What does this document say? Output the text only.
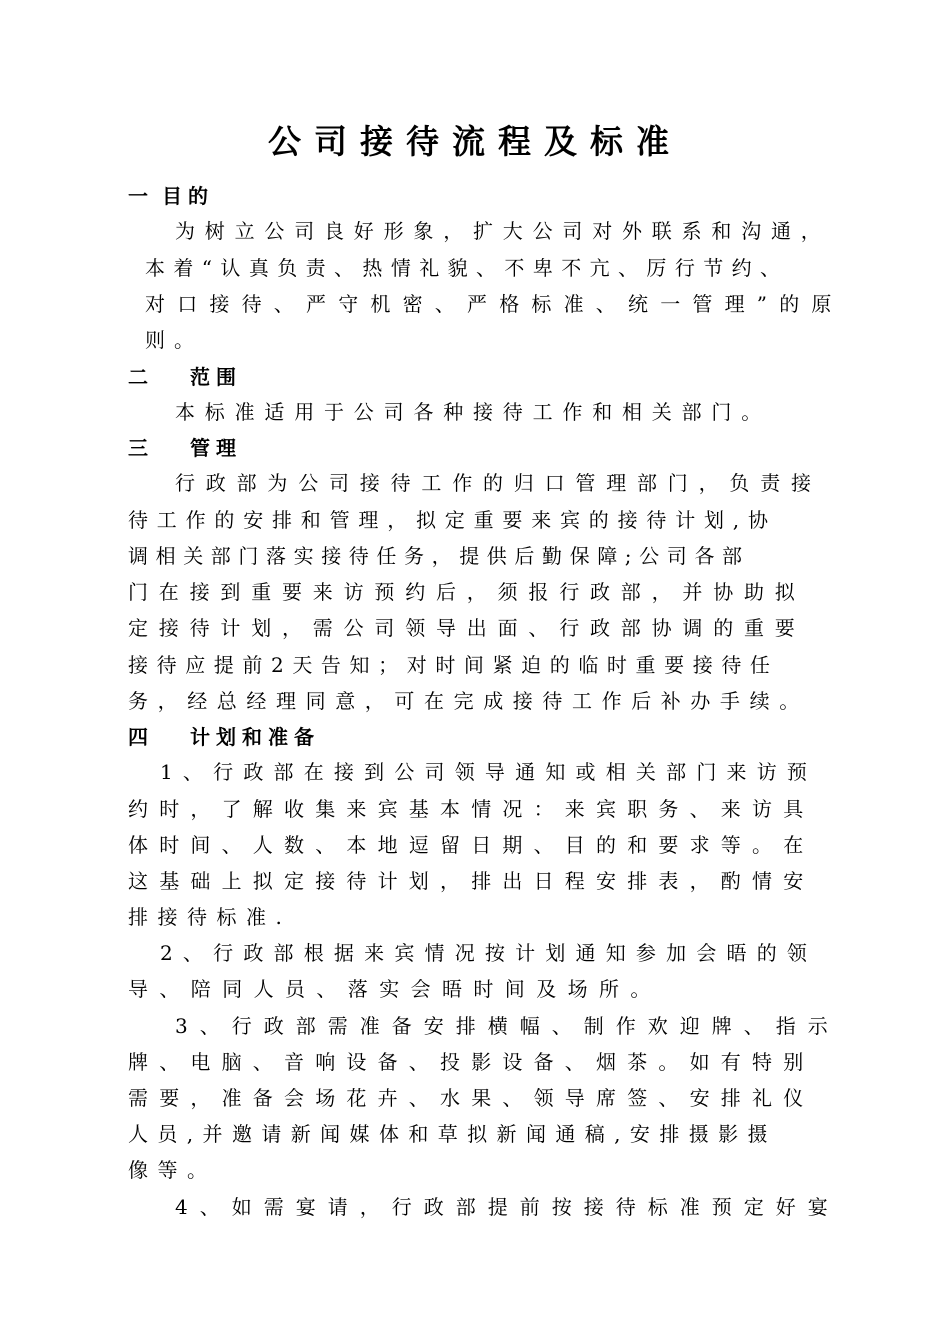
公司接待流程及标准
一 目的
为树立公司良好形象，扩大公司对外联系和沟通，
本着“认真负责、热情礼貌、不卑不亢、厉行节约、
对口接待、严守机密、严格标准、统一管理”的原
则。
二 范围
本标准适用于公司各种接待工作和相关部门。
三 管理
行政部为公司接待工作的归口管理部门，负责接
待工作的安排和管理，拟定重要来宾的接待计划,协
调相关部门落实接待任务，提供后勤保障;公司各部
门在接到重要来访预约后，须报行政部，并协助拟
定接待计划，需公司领导出面、行政部协调的重要
接待应提前2天告知；对时间紧迫的临时重要接待任
务，经总经理同意，可在完成接待工作后补办手续。
四 计划和准备
1、行政部在接到公司领导通知或相关部门来访预
约时，了解收集来宾基本情况：来宾职务、来访具
体时间、人数、本地逗留日期、目的和要求等。在
这基础上拟定接待计划，排出日程安排表，酌情安
排接待标准.
2、行政部根据来宾情况按计划通知参加会晤的领
导、陪同人员、落实会晤时间及场所。
3、行政部需准备安排横幅、制作欢迎牌、指示
牌、电脑、音响设备、投影设备、烟茶。如有特别
需要，准备会场花卉、水果、领导席签、安排礼仪
人员,并邀请新闻媒体和草拟新闻通稿,安排摄影摄
像等。
4、如需宴请，行政部提前按接待标准预定好宴
